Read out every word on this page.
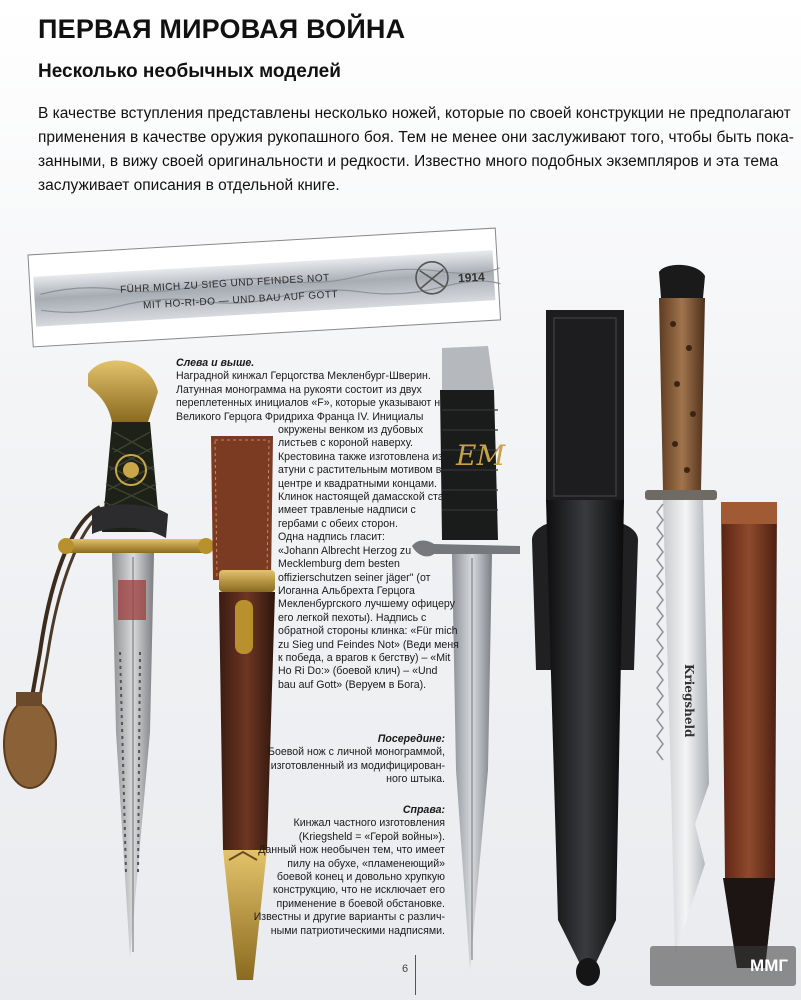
ПЕРВАЯ МИРОВАЯ ВОЙНА
Несколько необычных моделей
В качестве вступления представлены несколько ножей, которые по своей конструкции не предполагают
применения в качестве оружия рукопашного боя. Тем не менее они заслуживают того, чтобы быть пока-
занными, в вижу своей оригинальности и редкости. Известно много подобных экземпляров и эта тема
заслуживает описания в отдельной книге.
FÜHR MICH ZU SIEG UND FEINDES NOT
MIT HO-RI-DO — UND BAU AUF GOTT
1914
EM
Kriegsheld
Слева и выше.
Наградной кинжал Герцогства Мекленбург-Шверин.
Латунная монограмма на рукояти состоит из двух
переплетенных инициалов «F», которые указывают на
Великого Герцога Фридриха Франца IV. Инициалы
окружены венком из дубовых
листьев с короной наверху.
Крестовина также изготовлена из л
атуни с растительным мотивом в
центре и квадратными концами.
Клинок настоящей дамасской стали
имеет травленые надписи с
гербами с обеих сторон.
Одна надпись гласит:
«Johann Albrecht Herzog zu
Mecklemburg dem besten
offizierschutzen seiner jäger" (от
Иоганна Альбрехта Герцога
Мекленбургского лучшему офицеру
его легкой пехоты). Надпись с
обратной стороны клинка: «Für mich
zu Sieg und Feindes Not» (Веди меня
к победа, а врагов к бегству) – «Mit
Ho Ri Do:» (боевой клич) – «Und
bau auf Gott» (Веруем в Бога).
Посередине:
Боевой нож с личной монограммой,
изготовленный из модифицирован-
ного штыка.
Справа:
Кинжал частного изготовления
(Kriegsheld = «Герой войны»).
Данный нож необычен тем, что имеет
пилу на обухе, «пламенеющий»
боевой конец и довольно хрупкую
конструкцию, что не исключает его
применение в боевой обстановке.
Известны и другие варианты с различ-
ными патриотическими надписями.
6	ММГ
